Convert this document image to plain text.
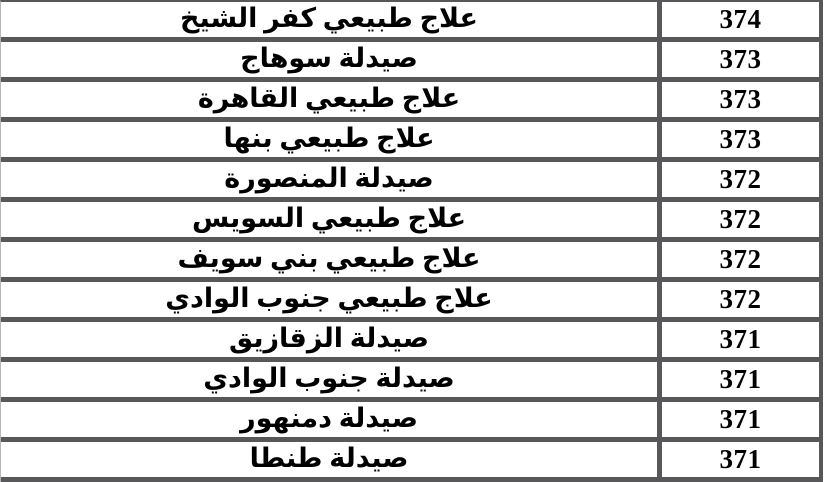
علاج طبيعي كفر الشيخ	374
صيدلة سوهاج	373
علاج طبيعي القاهرة	373
علاج طبيعي بنها	373
صيدلة المنصورة	372
علاج طبيعي السويس	372
علاج طبيعي بني سويف	372
علاج طبيعي جنوب الوادي	372
صيدلة الزقازيق	371
صيدلة جنوب الوادي	371
صيدلة دمنهور	371
صيدلة طنطا	371
